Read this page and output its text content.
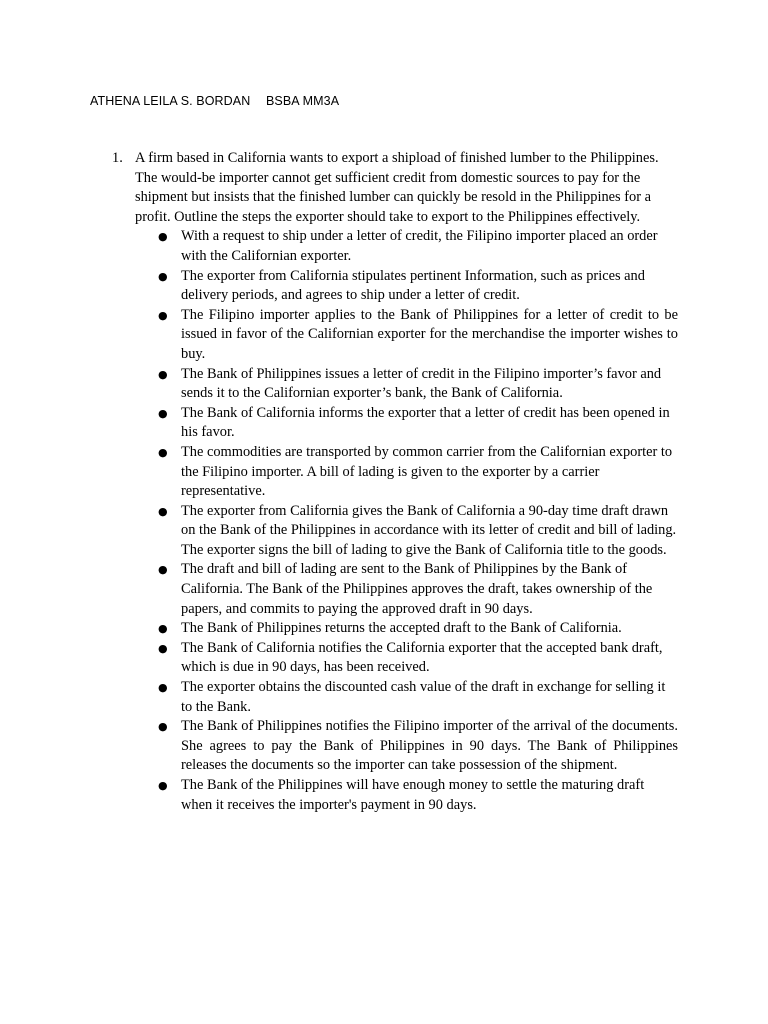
ATHENA LEILA S. BORDAN BSBA MM3A
1. A firm based in California wants to export a shipload of finished lumber to the Philippines. The would-be importer cannot get sufficient credit from domestic sources to pay for the shipment but insists that the finished lumber can quickly be resold in the Philippines for a profit. Outline the steps the exporter should take to export to the Philippines effectively.
● With a request to ship under a letter of credit, the Filipino importer placed an order with the Californian exporter.
● The exporter from California stipulates pertinent Information, such as prices and delivery periods, and agrees to ship under a letter of credit.
● The Filipino importer applies to the Bank of Philippines for a letter of credit to be issued in favor of the Californian exporter for the merchandise the importer wishes to buy.
● The Bank of Philippines issues a letter of credit in the Filipino importer’s favor and sends it to the Californian exporter’s bank, the Bank of California.
● The Bank of California informs the exporter that a letter of credit has been opened in his favor.
● The commodities are transported by common carrier from the Californian exporter to the Filipino importer. A bill of lading is given to the exporter by a carrier representative.
● The exporter from California gives the Bank of California a 90-day time draft drawn on the Bank of the Philippines in accordance with its letter of credit and bill of lading. The exporter signs the bill of lading to give the Bank of California title to the goods.
● The draft and bill of lading are sent to the Bank of Philippines by the Bank of California. The Bank of the Philippines approves the draft, takes ownership of the papers, and commits to paying the approved draft in 90 days.
● The Bank of Philippines returns the accepted draft to the Bank of California.
● The Bank of California notifies the California exporter that the accepted bank draft, which is due in 90 days, has been received.
● The exporter obtains the discounted cash value of the draft in exchange for selling it to the Bank.
● The Bank of Philippines notifies the Filipino importer of the arrival of the documents. She agrees to pay the Bank of Philippines in 90 days. The Bank of Philippines releases the documents so the importer can take possession of the shipment.
● The Bank of the Philippines will have enough money to settle the maturing draft when it receives the importer's payment in 90 days.
